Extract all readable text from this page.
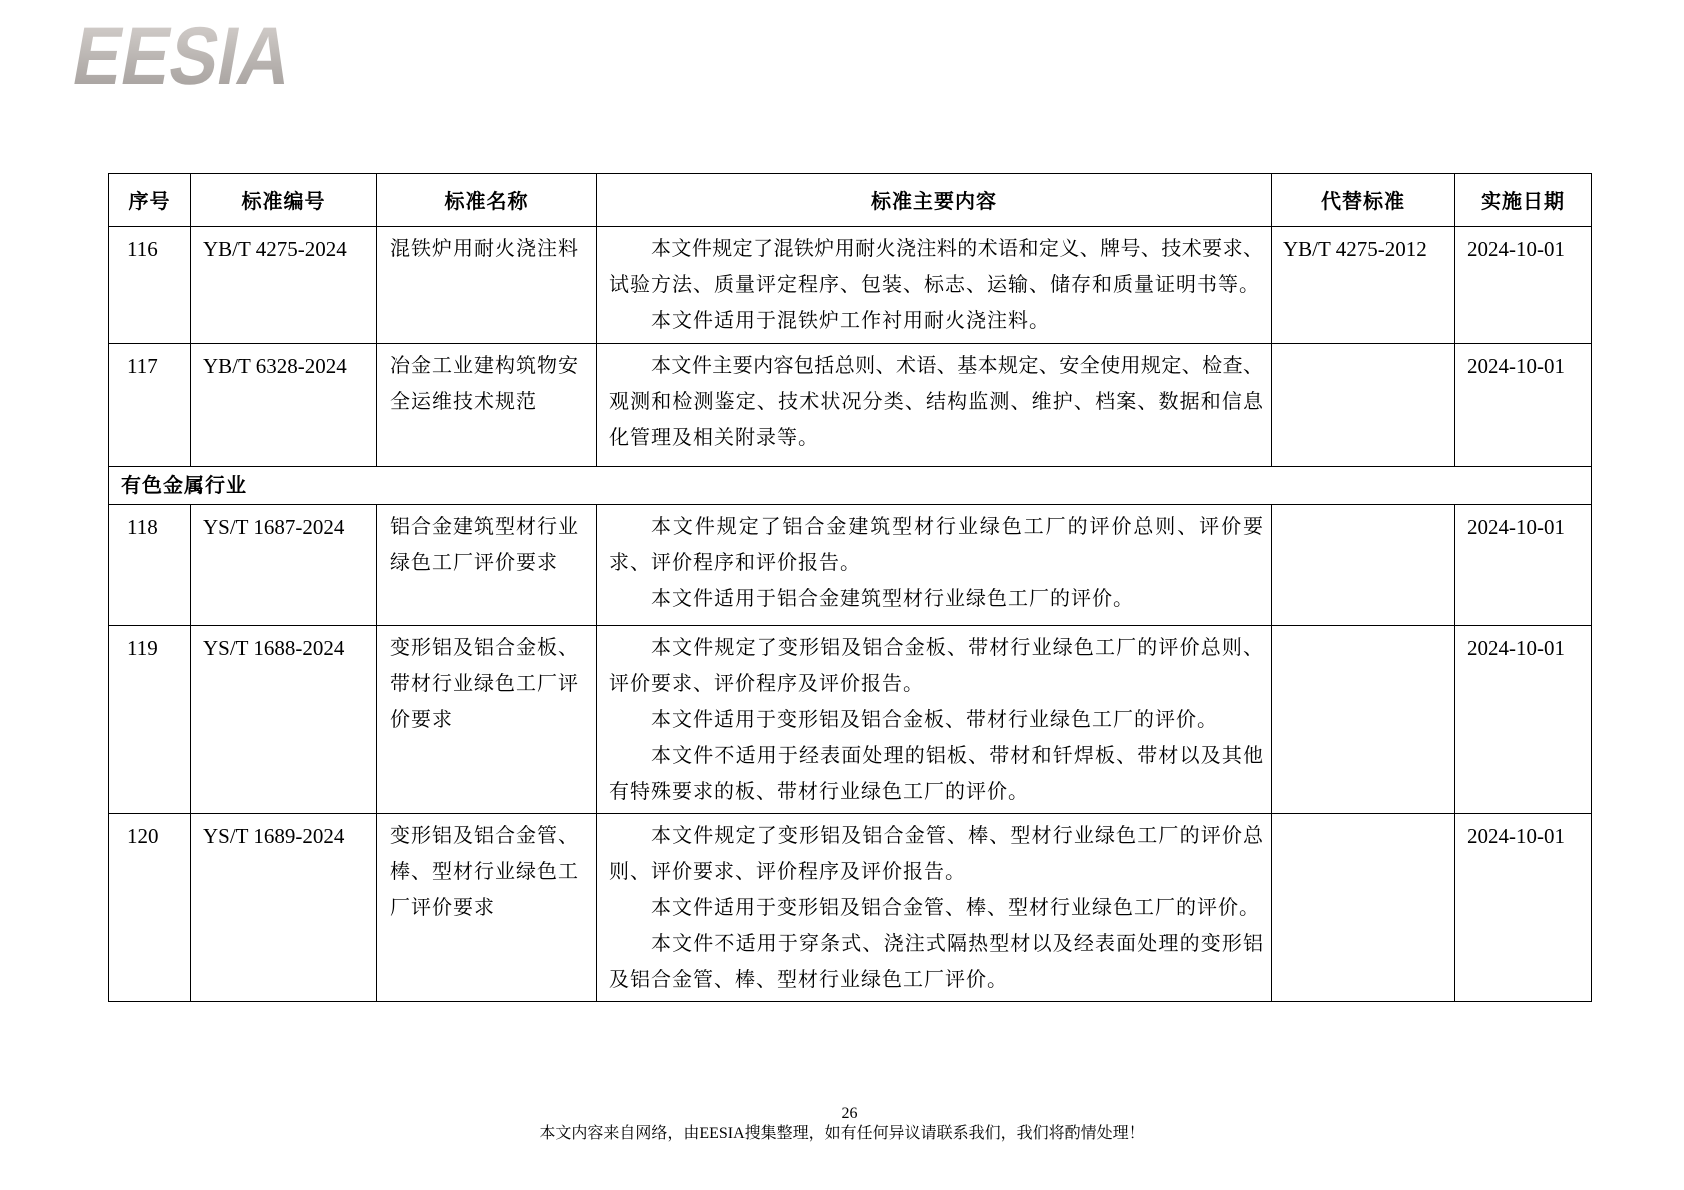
EESIA
序号	标准编号	标准名称	标准主要内容	代替标准	实施日期
116	YB/T 4275-2024	混铁炉用耐火浇注料	本文件规定了混铁炉用耐火浇注料的术语和定义、牌号、技术要求、
试验方法、质量评定程序、包装、标志、运输、储存和质量证明书等。
本文件适用于混铁炉工作衬用耐火浇注料。	YB/T 4275-2012	2024-10-01
117	YB/T 6328-2024	冶金工业建构筑物安全运维技术规范	本文件主要内容包括总则、术语、基本规定、安全使用规定、检查、
观测和检测鉴定、技术状况分类、结构监测、维护、档案、数据和信息
化管理及相关附录等。		2024-10-01
有色金属行业					
118	YS/T 1687-2024	铝合金建筑型材行业绿色工厂评价要求	本文件规定了铝合金建筑型材行业绿色工厂的评价总则、评价要
求、评价程序和评价报告。
本文件适用于铝合金建筑型材行业绿色工厂的评价。		2024-10-01
119	YS/T 1688-2024	变形铝及铝合金板、带材行业绿色工厂评价要求	本文件规定了变形铝及铝合金板、带材行业绿色工厂的评价总则、
评价要求、评价程序及评价报告。
本文件适用于变形铝及铝合金板、带材行业绿色工厂的评价。
本文件不适用于经表面处理的铝板、带材和钎焊板、带材以及其他
有特殊要求的板、带材行业绿色工厂的评价。		2024-10-01
120	YS/T 1689-2024	变形铝及铝合金管、棒、型材行业绿色工厂评价要求	本文件规定了变形铝及铝合金管、棒、型材行业绿色工厂的评价总
则、评价要求、评价程序及评价报告。
本文件适用于变形铝及铝合金管、棒、型材行业绿色工厂的评价。
本文件不适用于穿条式、浇注式隔热型材以及经表面处理的变形铝
及铝合金管、棒、型材行业绿色工厂评价。		2024-10-01
26
本文内容来自网络，由EESIA搜集整理，如有任何异议请联系我们，我们将酌情处理！
